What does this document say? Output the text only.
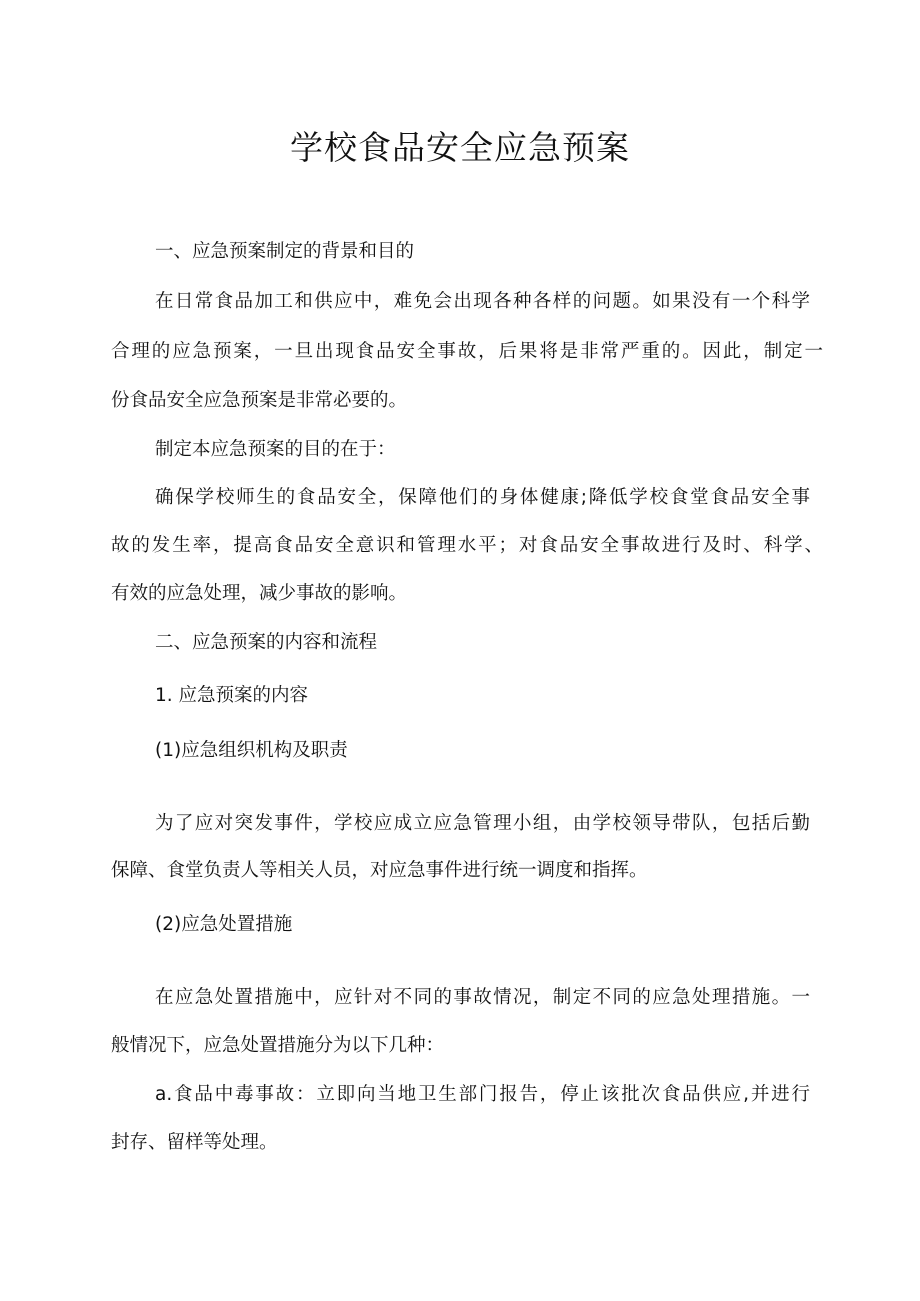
学校食品安全应急预案

一、应急预案制定的背景和目的

在日常食品加工和供应中，难免会出现各种各样的问题。如果没有一个科学

合理的应急预案，一旦出现食品安全事故，后果将是非常严重的。因此，制定一

份食品安全应急预案是非常必要的。

制定本应急预案的目的在于：

确保学校师生的食品安全，保障他们的身体健康;降低学校食堂食品安全事

故的发生率，提高食品安全意识和管理水平；对食品安全事故进行及时、科学、

有效的应急处理，减少事故的影响。

二、应急预案的内容和流程

1. 应急预案的内容

(1)应急组织机构及职责

为了应对突发事件，学校应成立应急管理小组，由学校领导带队，包括后勤

保障、食堂负责人等相关人员，对应急事件进行统一调度和指挥。

(2)应急处置措施

在应急处置措施中，应针对不同的事故情况，制定不同的应急处理措施。一

般情况下，应急处置措施分为以下几种：

a.食品中毒事故：立即向当地卫生部门报告，停止该批次食品供应,并进行

封存、留样等处理。
